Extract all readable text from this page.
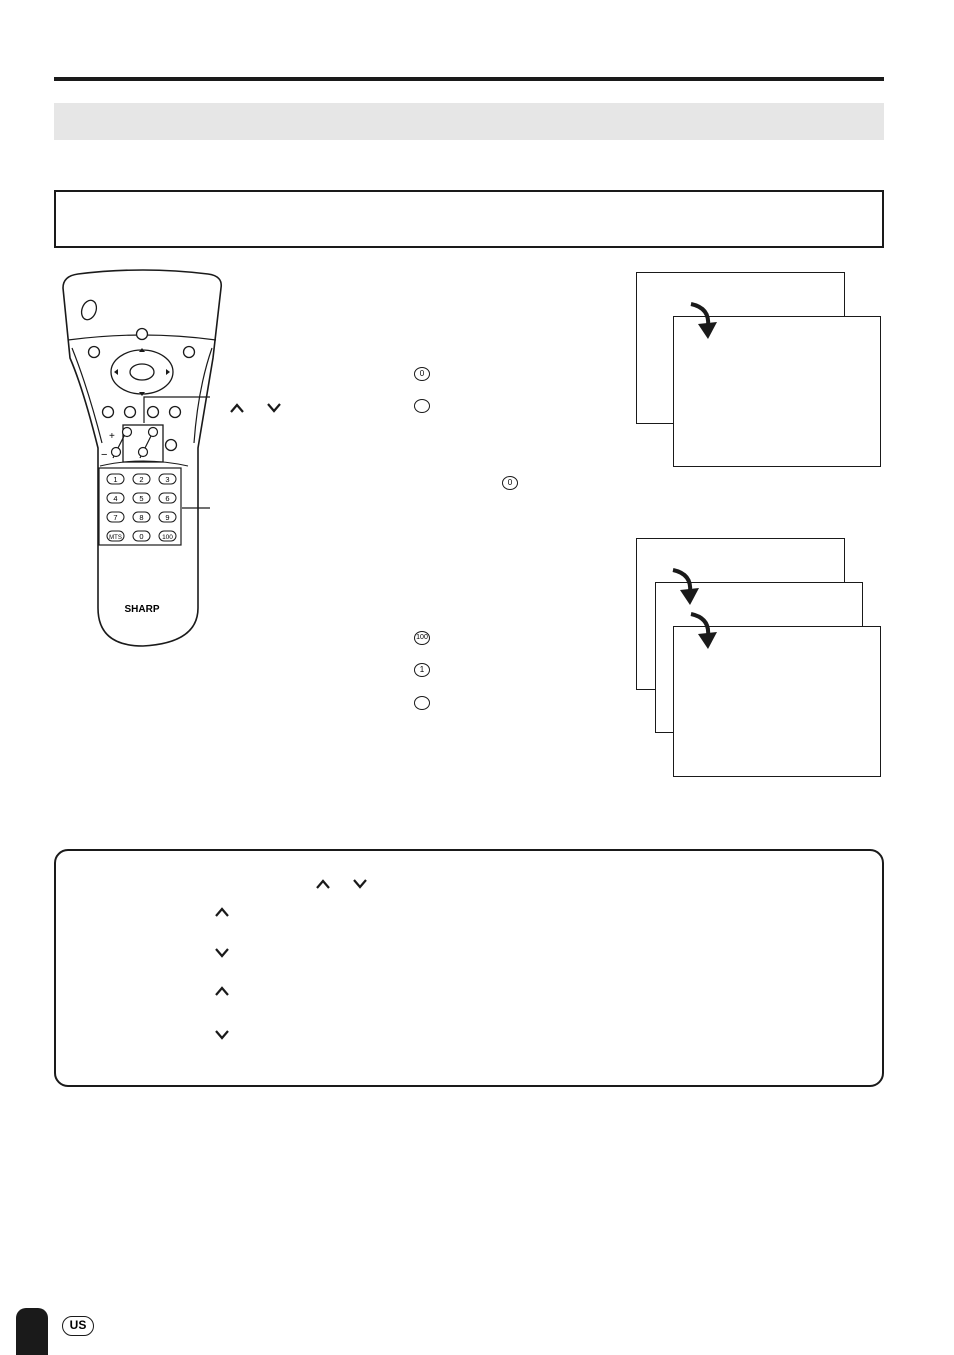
+
−
1	2	3
4	5	6
7	8	9
MTS 0	100
SHARP
0
0
100
1
US
